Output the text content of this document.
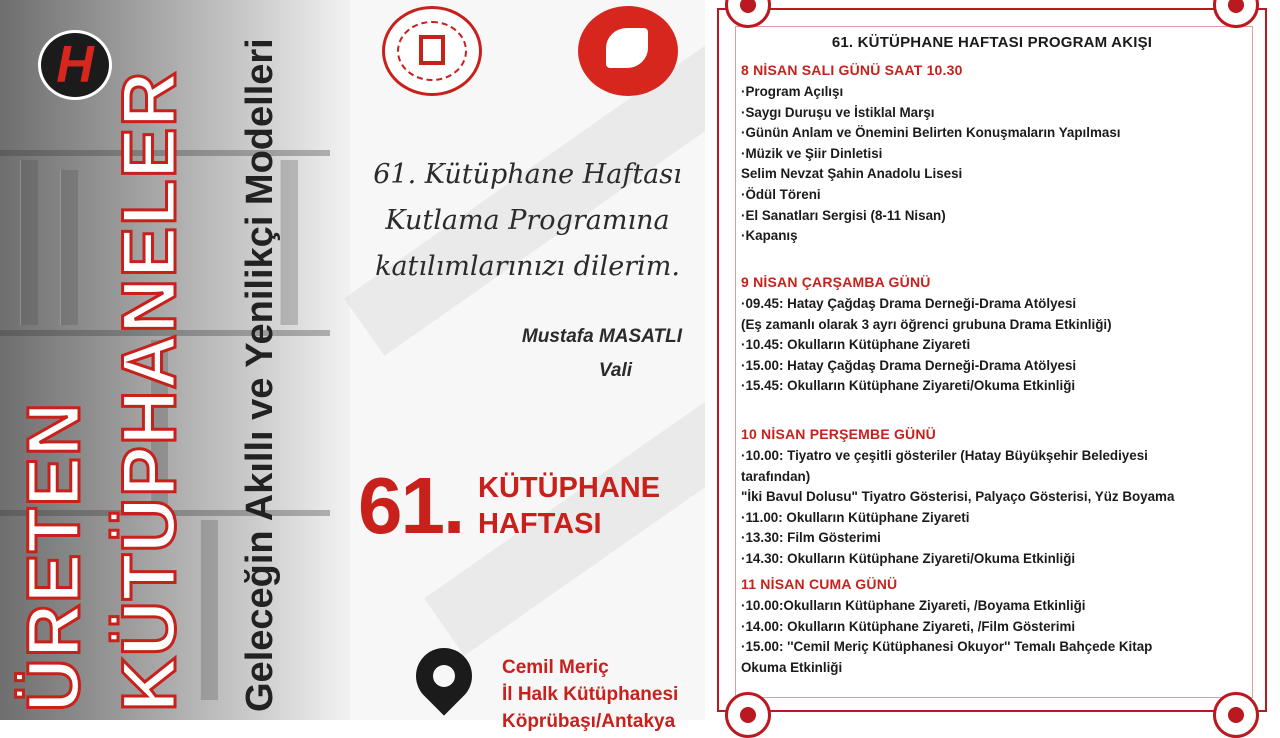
H
ÜRETEN KÜTÜPHANELER Geleceğin Akıllı ve Yenilikçi Modelleri	61. Kütüphane Haftası
Kutlama Programına
katılımlarınızı dilerim.
Mustafa MASATLI
Vali
61. KÜTÜPHANE
HAFTASI
Cemil Meriç
İl Halk Kütüphanesi
Köprübaşı/Antakya
61. KÜTÜPHANE HAFTASI PROGRAM AKIŞI
8 NİSAN SALI GÜNÜ SAAT 10.30
·Program Açılışı
·Saygı Duruşu ve İstiklal Marşı
·Günün Anlam ve Önemini Belirten Konuşmaların Yapılması
·Müzik ve Şiir Dinletisi
Selim Nevzat Şahin Anadolu Lisesi
·Ödül Töreni
·El Sanatları Sergisi (8-11 Nisan)
·Kapanış
9 NİSAN ÇARŞAMBA GÜNÜ
·09.45: Hatay Çağdaş Drama Derneği-Drama Atölyesi
(Eş zamanlı olarak 3 ayrı öğrenci grubuna Drama Etkinliği)
·10.45: Okulların Kütüphane Ziyareti
·15.00: Hatay Çağdaş Drama Derneği-Drama Atölyesi
·15.45: Okulların Kütüphane Ziyareti/Okuma Etkinliği
10 NİSAN PERŞEMBE GÜNÜ
·10.00: Tiyatro ve çeşitli gösteriler (Hatay Büyükşehir Belediyesi
tarafından)
"İki Bavul Dolusu" Tiyatro Gösterisi, Palyaço Gösterisi, Yüz Boyama
·11.00: Okulların Kütüphane Ziyareti
·13.30: Film Gösterimi
·14.30: Okulların Kütüphane Ziyareti/Okuma Etkinliği
11 NİSAN CUMA GÜNÜ
·10.00:Okulların Kütüphane Ziyareti, /Boyama Etkinliği
·14.00: Okulların Kütüphane Ziyareti, /Film Gösterimi
·15.00: ''Cemil Meriç Kütüphanesi Okuyor'' Temalı Bahçede Kitap
Okuma Etkinliği
